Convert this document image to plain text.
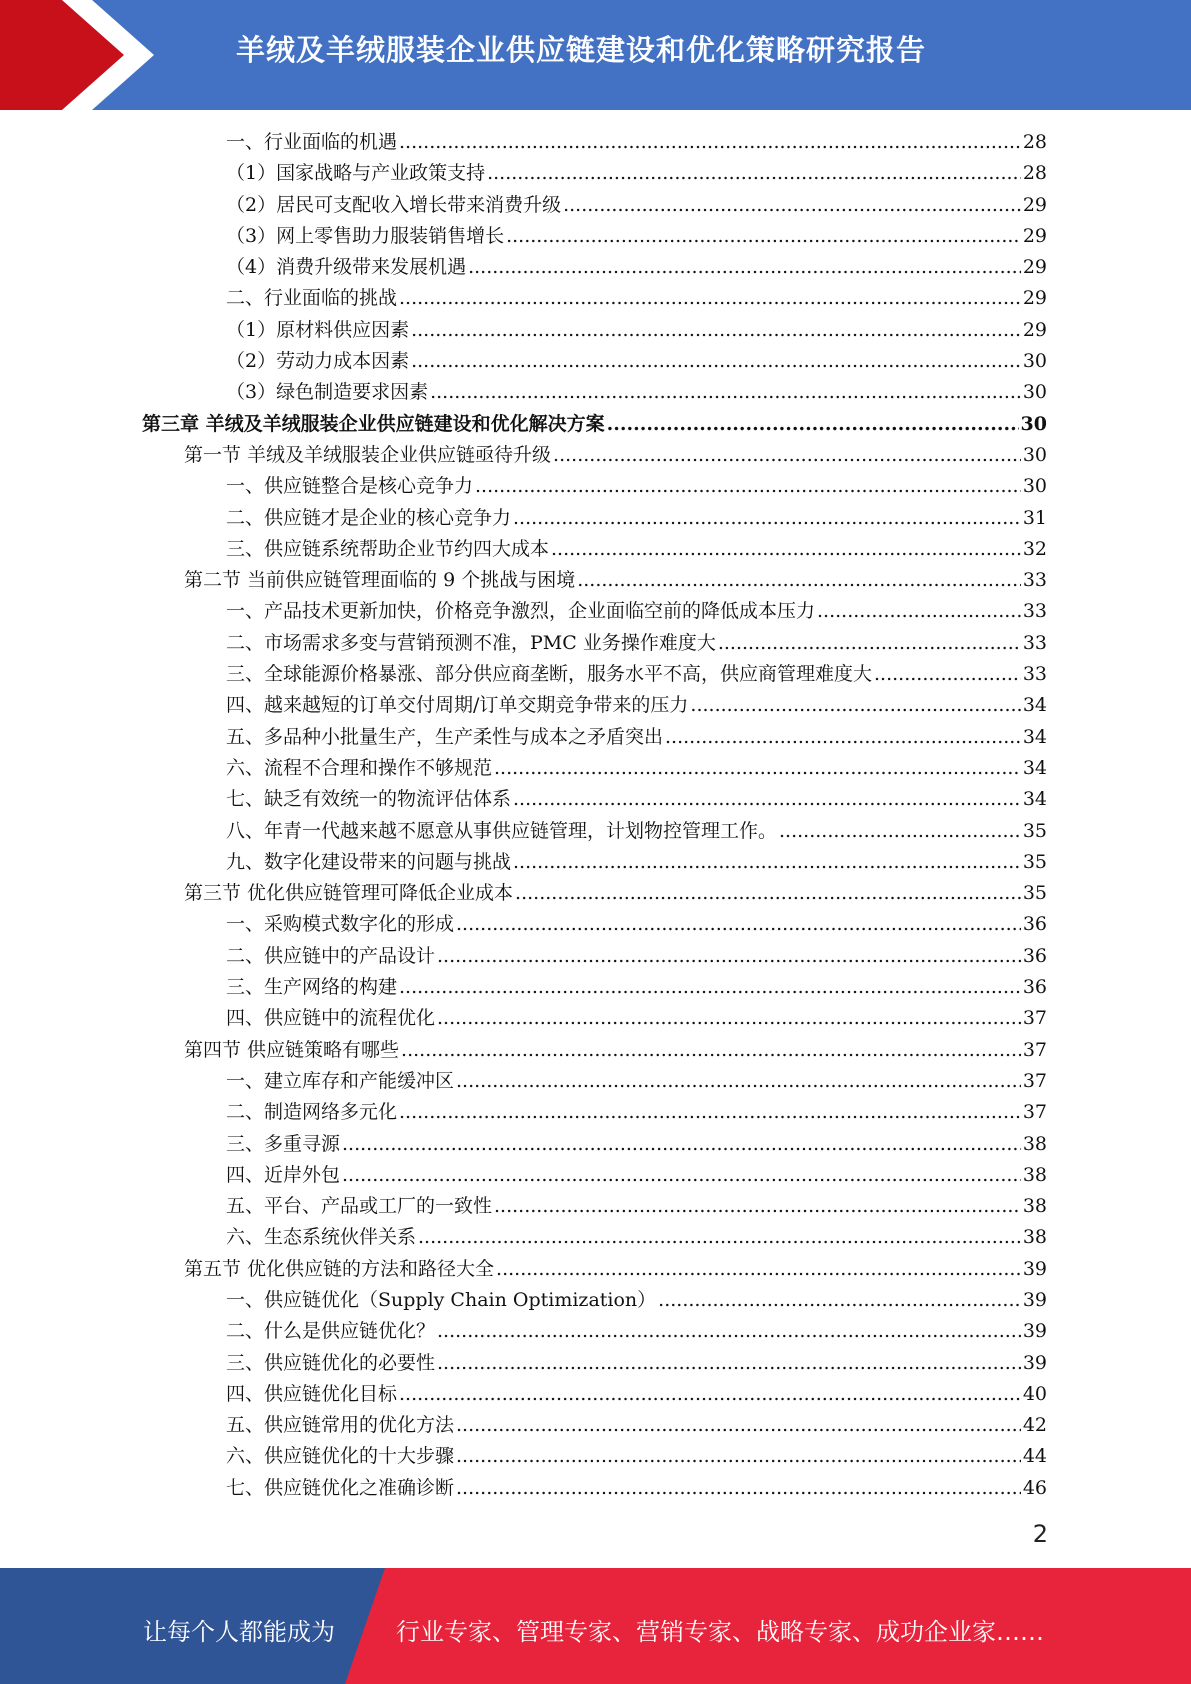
羊绒及羊绒服装企业供应链建设和优化策略研究报告
一、行业面临的机遇 .....	28
（1）国家战略与产业政策支持 .....	28
（2）居民可支配收入增长带来消费升级 .....	29
（3）网上零售助力服装销售增长 .....	29
（4）消费升级带来发展机遇 .....	29
二、行业面临的挑战 .....	29
（1）原材料供应因素 .....	29
（2）劳动力成本因素 .....	30
（3）绿色制造要求因素 .....	30
第三章 羊绒及羊绒服装企业供应链建设和优化解决方案 .....	30
第一节 羊绒及羊绒服装企业供应链亟待升级 .....	30
一、供应链整合是核心竞争力 .....	30
二、供应链才是企业的核心竞争力 .....	31
三、供应链系统帮助企业节约四大成本 .....	32
第二节 当前供应链管理面临的 9 个挑战与困境 .....	33
一、产品技术更新加快，价格竞争激烈，企业面临空前的降低成本压力 .....	33
二、市场需求多变与营销预测不准，PMC 业务操作难度大 .....	33
三、全球能源价格暴涨、部分供应商垄断，服务水平不高，供应商管理难度大 .....	33
四、越来越短的订单交付周期/订单交期竞争带来的压力 .....	34
五、多品种小批量生产，生产柔性与成本之矛盾突出 .....	34
六、流程不合理和操作不够规范 .....	34
七、缺乏有效统一的物流评估体系 .....	34
八、年青一代越来越不愿意从事供应链管理，计划物控管理工作。 .....	35
九、数字化建设带来的问题与挑战 .....	35
第三节 优化供应链管理可降低企业成本 .....	35
一、采购模式数字化的形成 .....	36
二、供应链中的产品设计 .....	36
三、生产网络的构建 .....	36
四、供应链中的流程优化 .....	37
第四节 供应链策略有哪些 .....	37
一、建立库存和产能缓冲区 .....	37
二、制造网络多元化 .....	37
三、多重寻源 .....	38
四、近岸外包 .....	38
五、平台、产品或工厂的一致性 .....	38
六、生态系统伙伴关系 .....	38
第五节 优化供应链的方法和路径大全 .....	39
一、供应链优化（Supply Chain Optimization） .....	39
二、什么是供应链优化？ .....	39
三、供应链优化的必要性 .....	39
四、供应链优化目标 .....	40
五、供应链常用的优化方法 .....	42
六、供应链优化的十大步骤 .....	44
七、供应链优化之准确诊断 .....	46
2
让每个人都能成为	行业专家、管理专家、营销专家、战略专家、成功企业家……
